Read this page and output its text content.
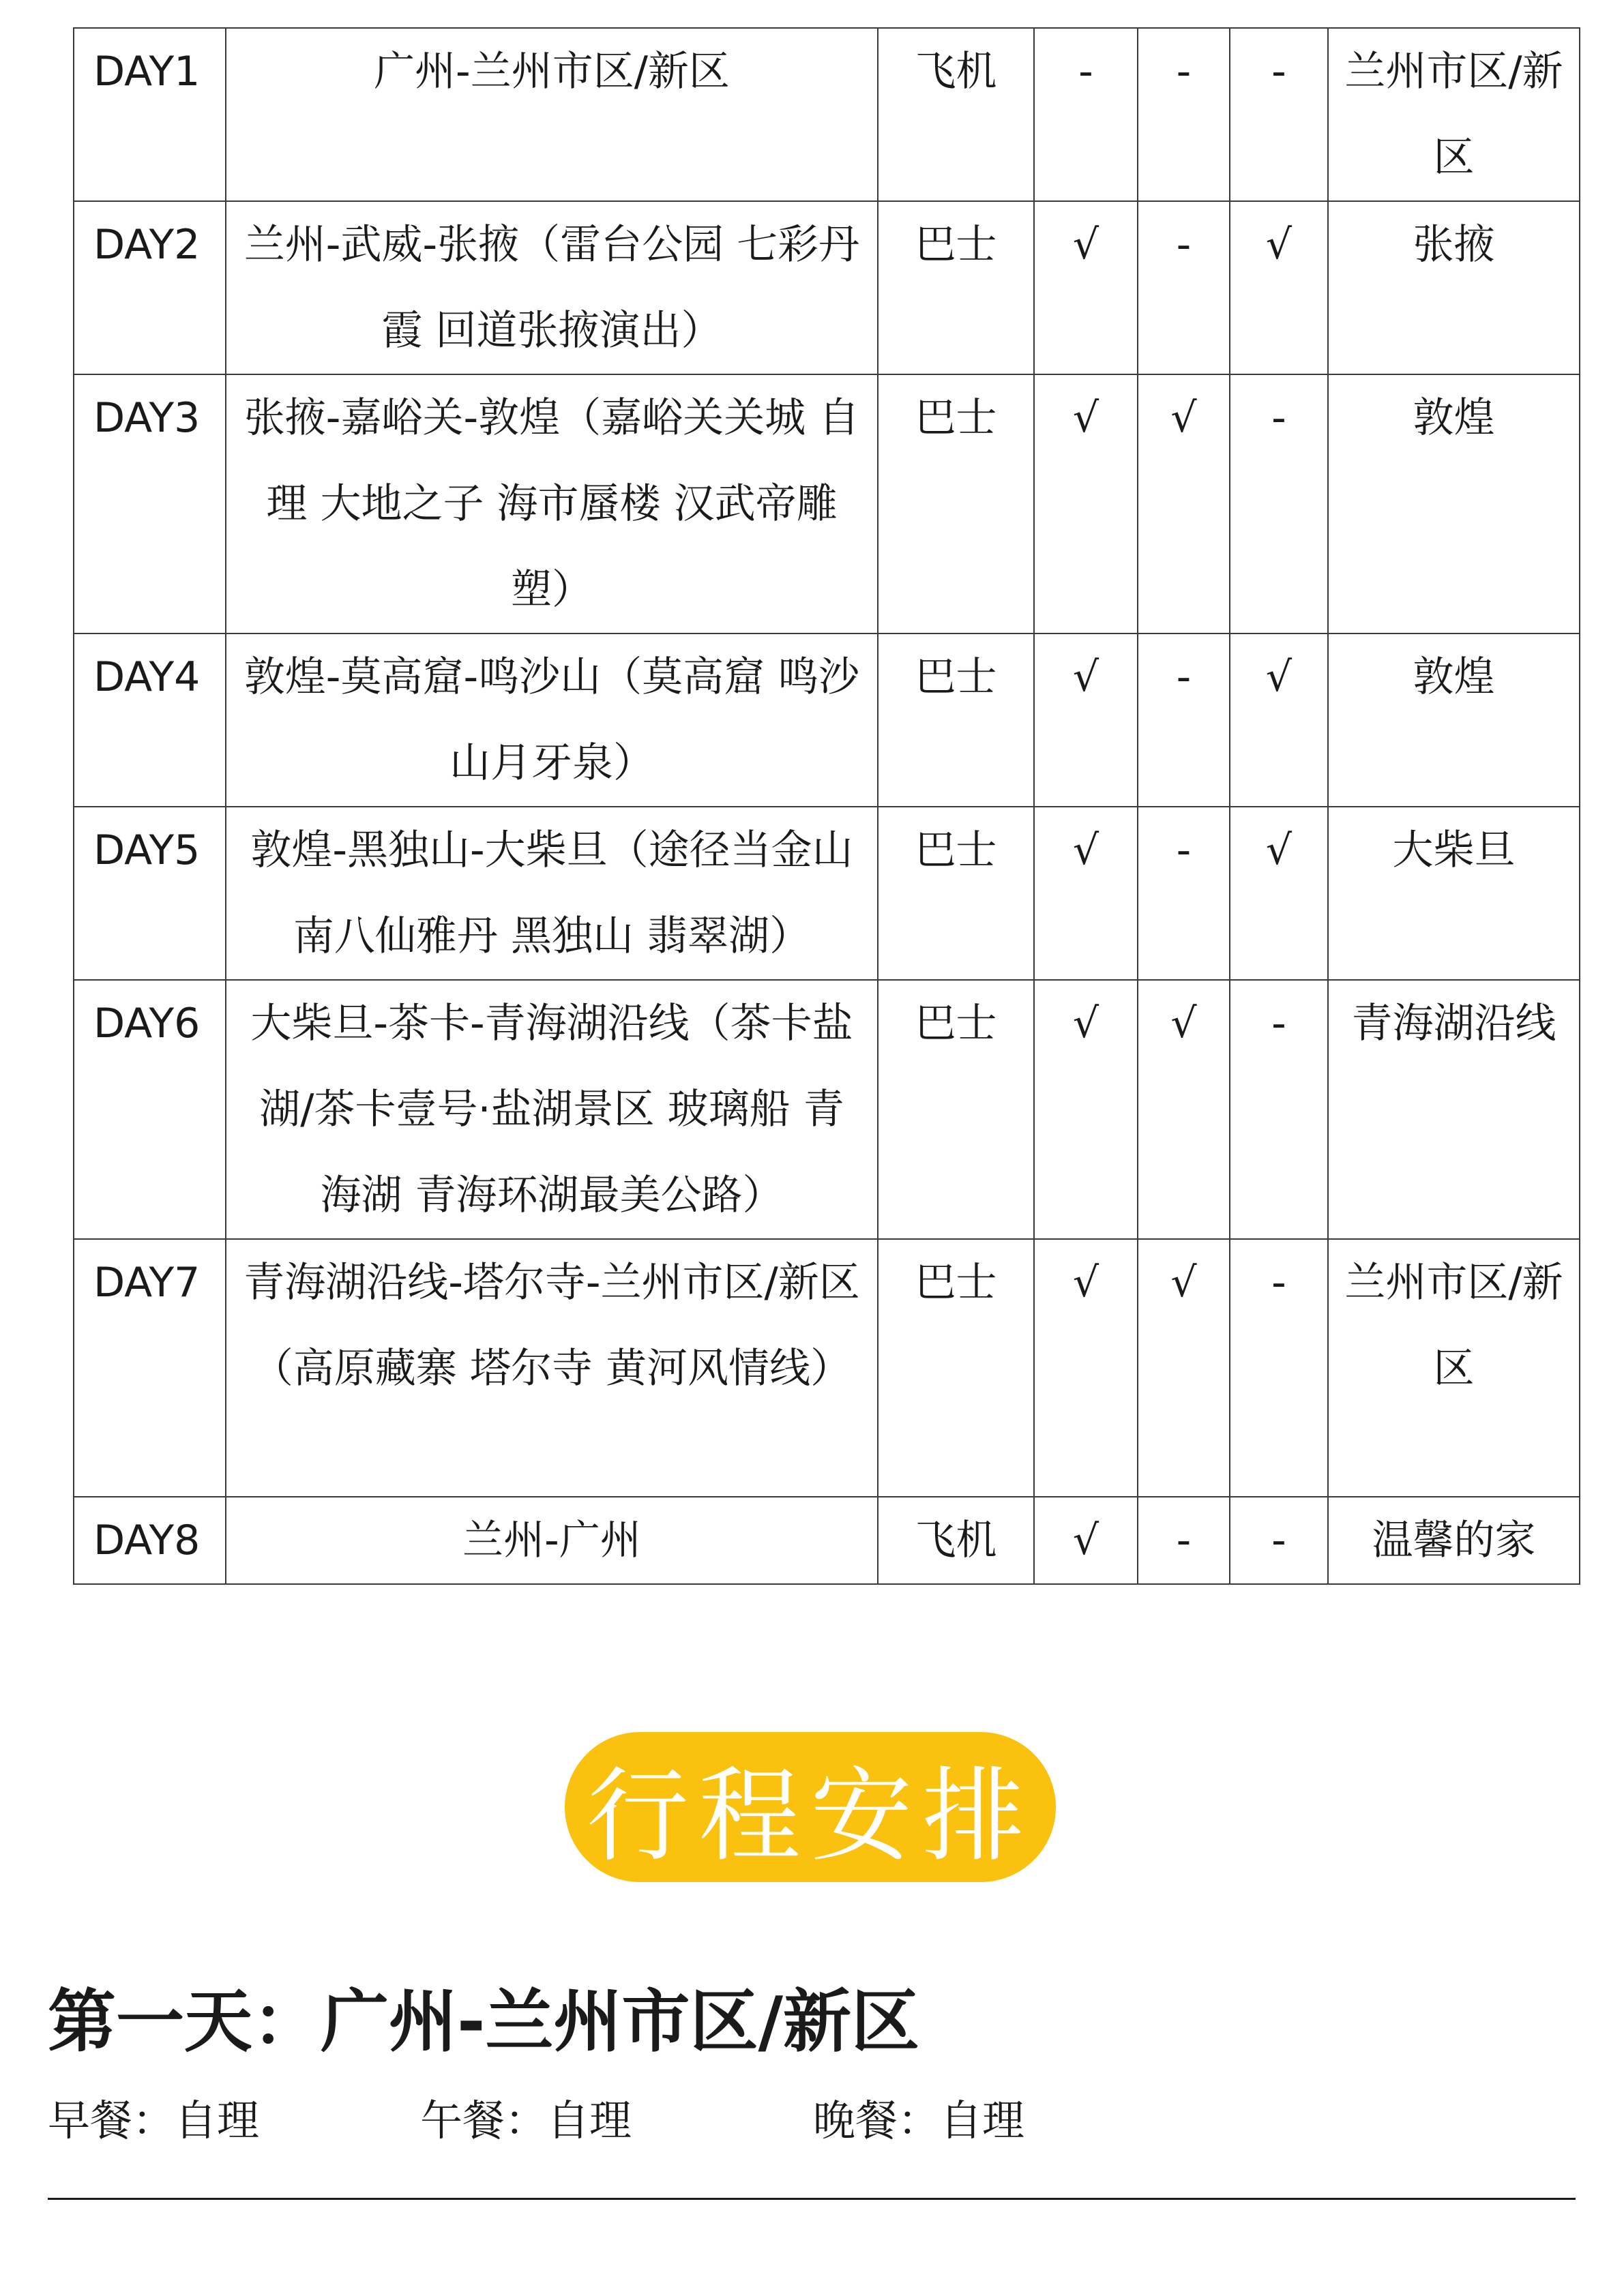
DAY1	广州-兰州市区/新区	飞机	-	-	-	兰州市区/新区
DAY2	兰州-武威-张掖（雷台公园 七彩丹霞 回道张掖演出）	巴士	√	-	√	张掖
DAY3	张掖-嘉峪关-敦煌（嘉峪关关城 自理 大地之子 海市蜃楼 汉武帝雕塑）	巴士	√	√	-	敦煌
DAY4	敦煌-莫高窟-鸣沙山（莫高窟 鸣沙山月牙泉）	巴士	√	-	√	敦煌
DAY5	敦煌-黑独山-大柴旦（途径当金山 南八仙雅丹 黑独山 翡翠湖）	巴士	√	-	√	大柴旦
DAY6	大柴旦-茶卡-青海湖沿线（茶卡盐湖/茶卡壹号·盐湖景区 玻璃船 青海湖 青海环湖最美公路）	巴士	√	√	-	青海湖沿线
DAY7	青海湖沿线-塔尔寺-兰州市区/新区（高原藏寨 塔尔寺 黄河风情线）	巴士	√	√	-	兰州市区/新区
DAY8	兰州-广州	飞机	√	-	-	温馨的家
行程安排
第一天：广州-兰州市区/新区
早餐：自理	午餐：自理	晚餐：自理
